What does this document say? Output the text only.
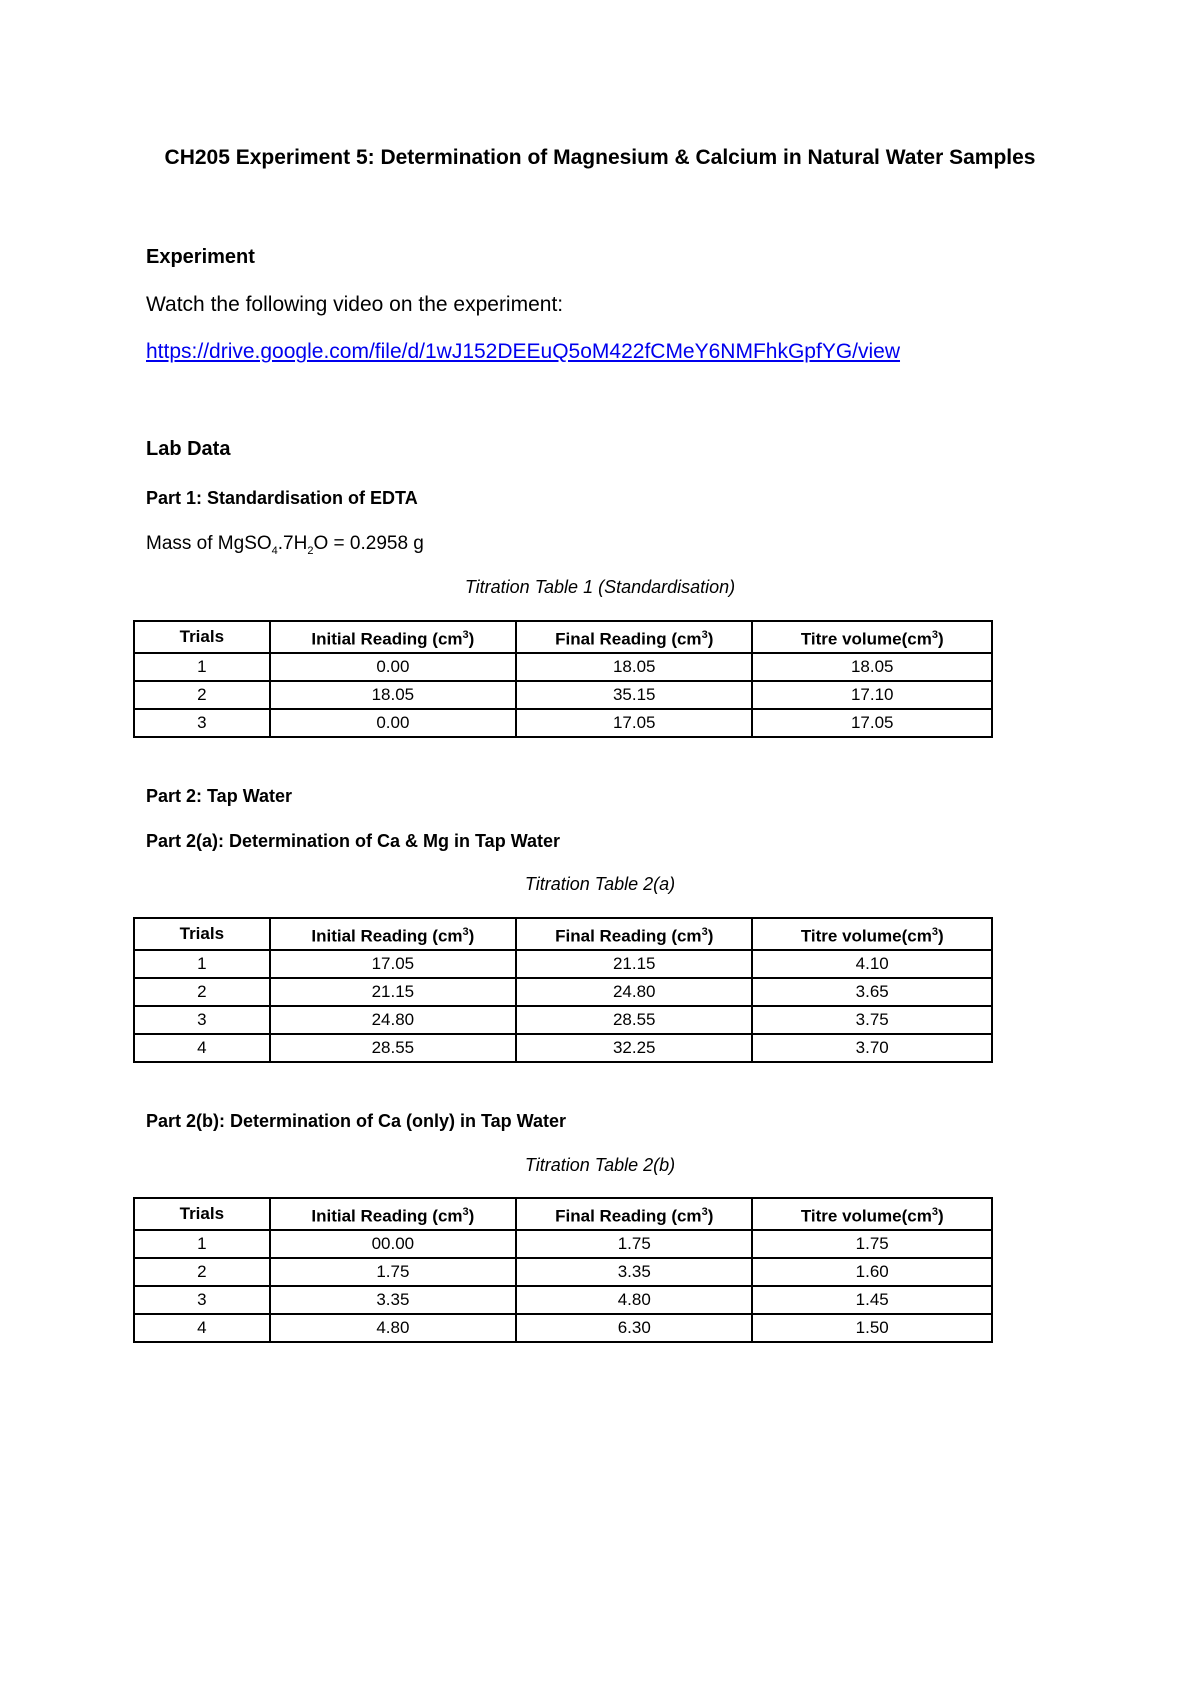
CH205 Experiment 5: Determination of Magnesium & Calcium in Natural Water Samples
Experiment
Watch the following video on the experiment:
https://drive.google.com/file/d/1wJ152DEEuQ5oM422fCMeY6NMFhkGpfYG/view
Lab Data
Part 1: Standardisation of EDTA
Mass of $MgSO_4.7H_2O = 0.2958$ g
Titration Table 1 (Standardisation)
Trials	Initial Reading $(cm^3)$	Final Reading $(cm^3)$	Titre $volume(cm^3)$
1	0.00	18.05	18.05
2	18.05	35.15	17.10
3	0.00	17.05	17.05
Part 2: Tap Water
Part 2(a): Determination of Ca & Mg in Tap Water
Titration Table 2(a)
Trials	Initial Reading $(cm^3)$	Final Reading $(cm^3)$	Titre $volume(cm^3)$
1	17.05	21.15	4.10
2	21.15	24.80	3.65
3	24.80	28.55	3.75
4	28.55	32.25	3.70
Part 2(b): Determination of Ca (only) in Tap Water
Titration Table 2(b)
Trials	Initial Reading $(cm^3)$	Final Reading $(cm^3)$	Titre $volume(cm^3)$
1	00.00	1.75	1.75
2	1.75	3.35	1.60
3	3.35	4.80	1.45
4	4.80	6.30	1.50
